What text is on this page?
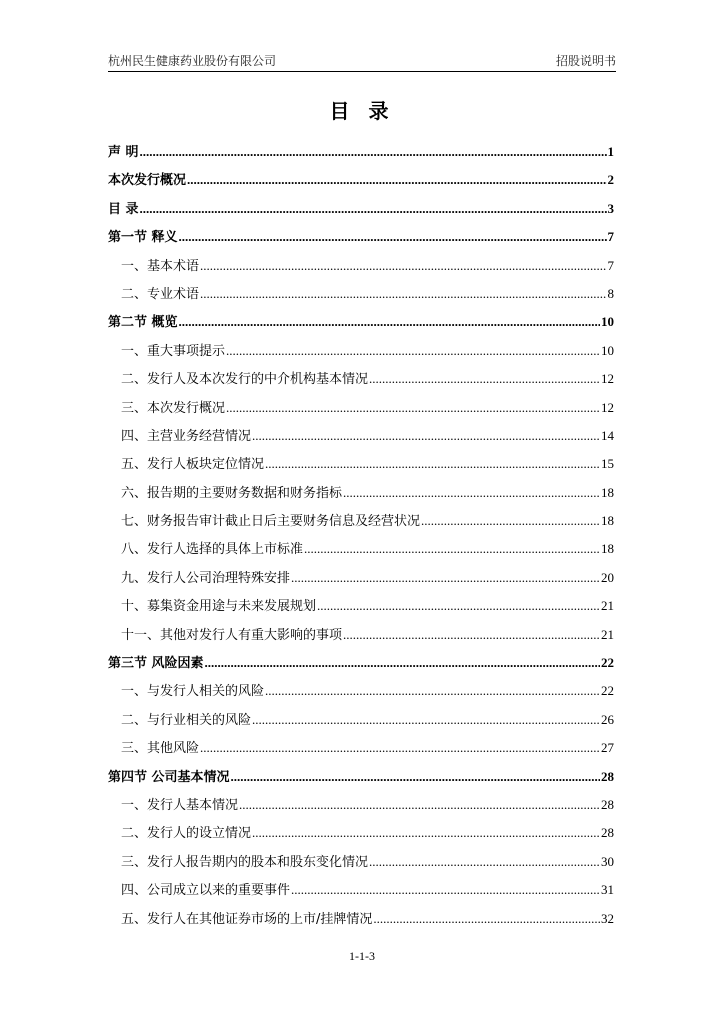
杭州民生健康药业股份有限公司	招股说明书
目 录
声 明 .....	1
本次发行概况 .....	2
目 录 .....	3
第一节 释义 .....	7
一、基本术语 .....	7
二、专业术语 .....	8
第二节 概览 .....	10
一、重大事项提示 .....	10
二、发行人及本次发行的中介机构基本情况 .....	12
三、本次发行概况 .....	12
四、主营业务经营情况 .....	14
五、发行人板块定位情况 .....	15
六、报告期的主要财务数据和财务指标 .....	18
七、财务报告审计截止日后主要财务信息及经营状况 .....	18
八、发行人选择的具体上市标准 .....	18
九、发行人公司治理特殊安排 .....	20
十、募集资金用途与未来发展规划 .....	21
十一、其他对发行人有重大影响的事项 .....	21
第三节 风险因素 .....	22
一、与发行人相关的风险 .....	22
二、与行业相关的风险 .....	26
三、其他风险 .....	27
第四节 公司基本情况 .....	28
一、发行人基本情况 .....	28
二、发行人的设立情况 .....	28
三、发行人报告期内的股本和股东变化情况 .....	30
四、公司成立以来的重要事件 .....	31
五、发行人在其他证券市场的上市/挂牌情况 .....	32
1-1-3
